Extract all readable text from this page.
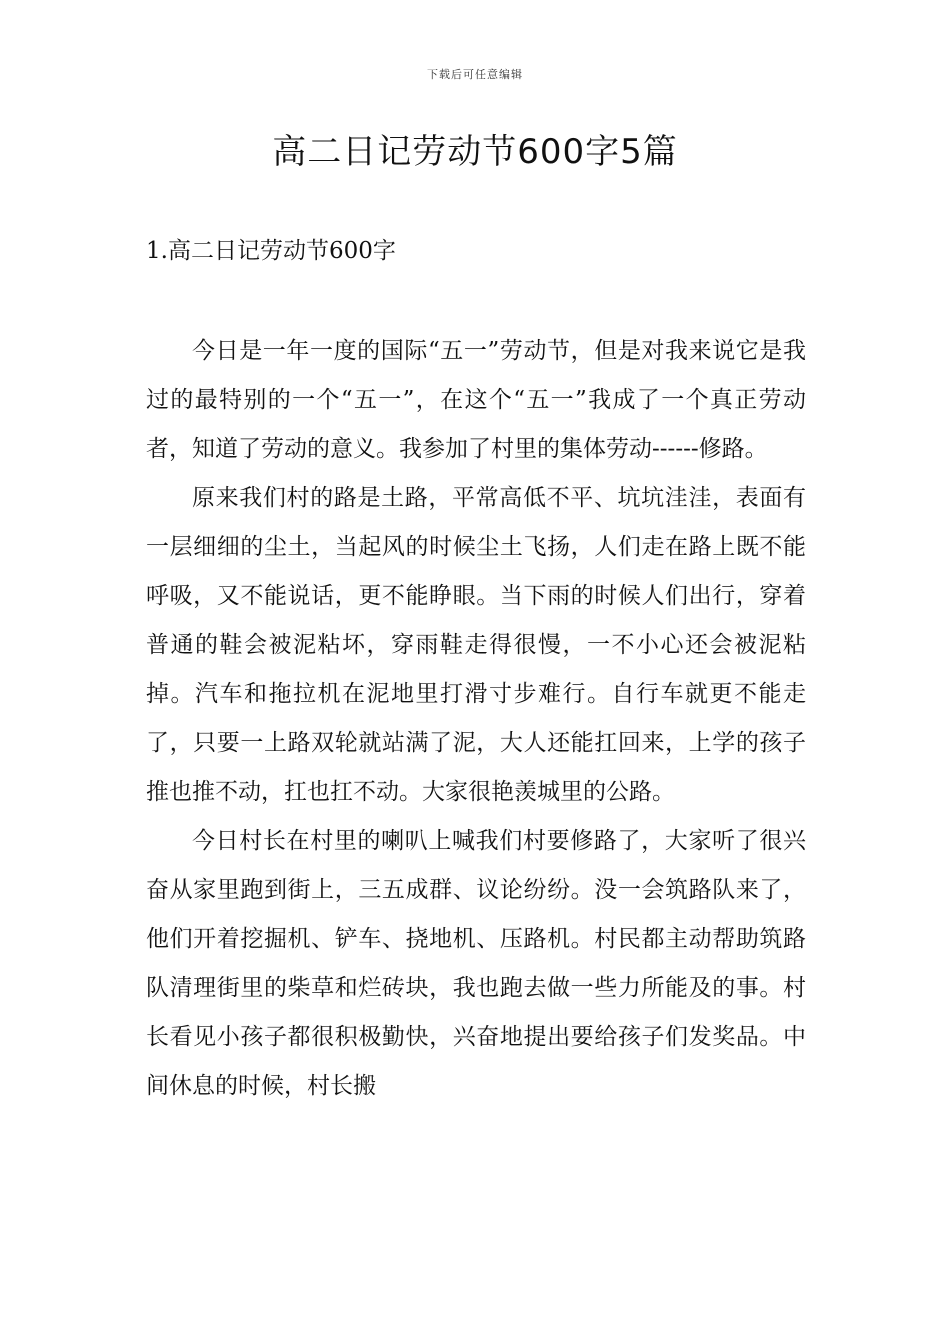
下载后可任意编辑
高二日记劳动节600字5篇
1.高二日记劳动节600字

今日是一年一度的国际“五一”劳动节，但是对我来说它是我过的最特别的一个“五一”，在这个“五一”我成了一个真正劳动者，知道了劳动的意义。我参加了村里的集体劳动------修路。

原来我们村的路是土路，平常高低不平、坑坑洼洼，表面有一层细细的尘土，当起风的时候尘土飞扬，人们走在路上既不能呼吸，又不能说话，更不能睁眼。当下雨的时候人们出行，穿着普通的鞋会被泥粘坏，穿雨鞋走得很慢，一不小心还会被泥粘掉。汽车和拖拉机在泥地里打滑寸步难行。自行车就更不能走了，只要一上路双轮就站满了泥，大人还能扛回来，上学的孩子推也推不动，扛也扛不动。大家很艳羡城里的公路。

今日村长在村里的喇叭上喊我们村要修路了，大家听了很兴奋从家里跑到街上，三五成群、议论纷纷。没一会筑路队来了，他们开着挖掘机、铲车、挠地机、压路机。村民都主动帮助筑路队清理街里的柴草和烂砖块，我也跑去做一些力所能及的事。村长看见小孩子都很积极勤快，兴奋地提出要给孩子们发奖品。中间休息的时候，村长搬
